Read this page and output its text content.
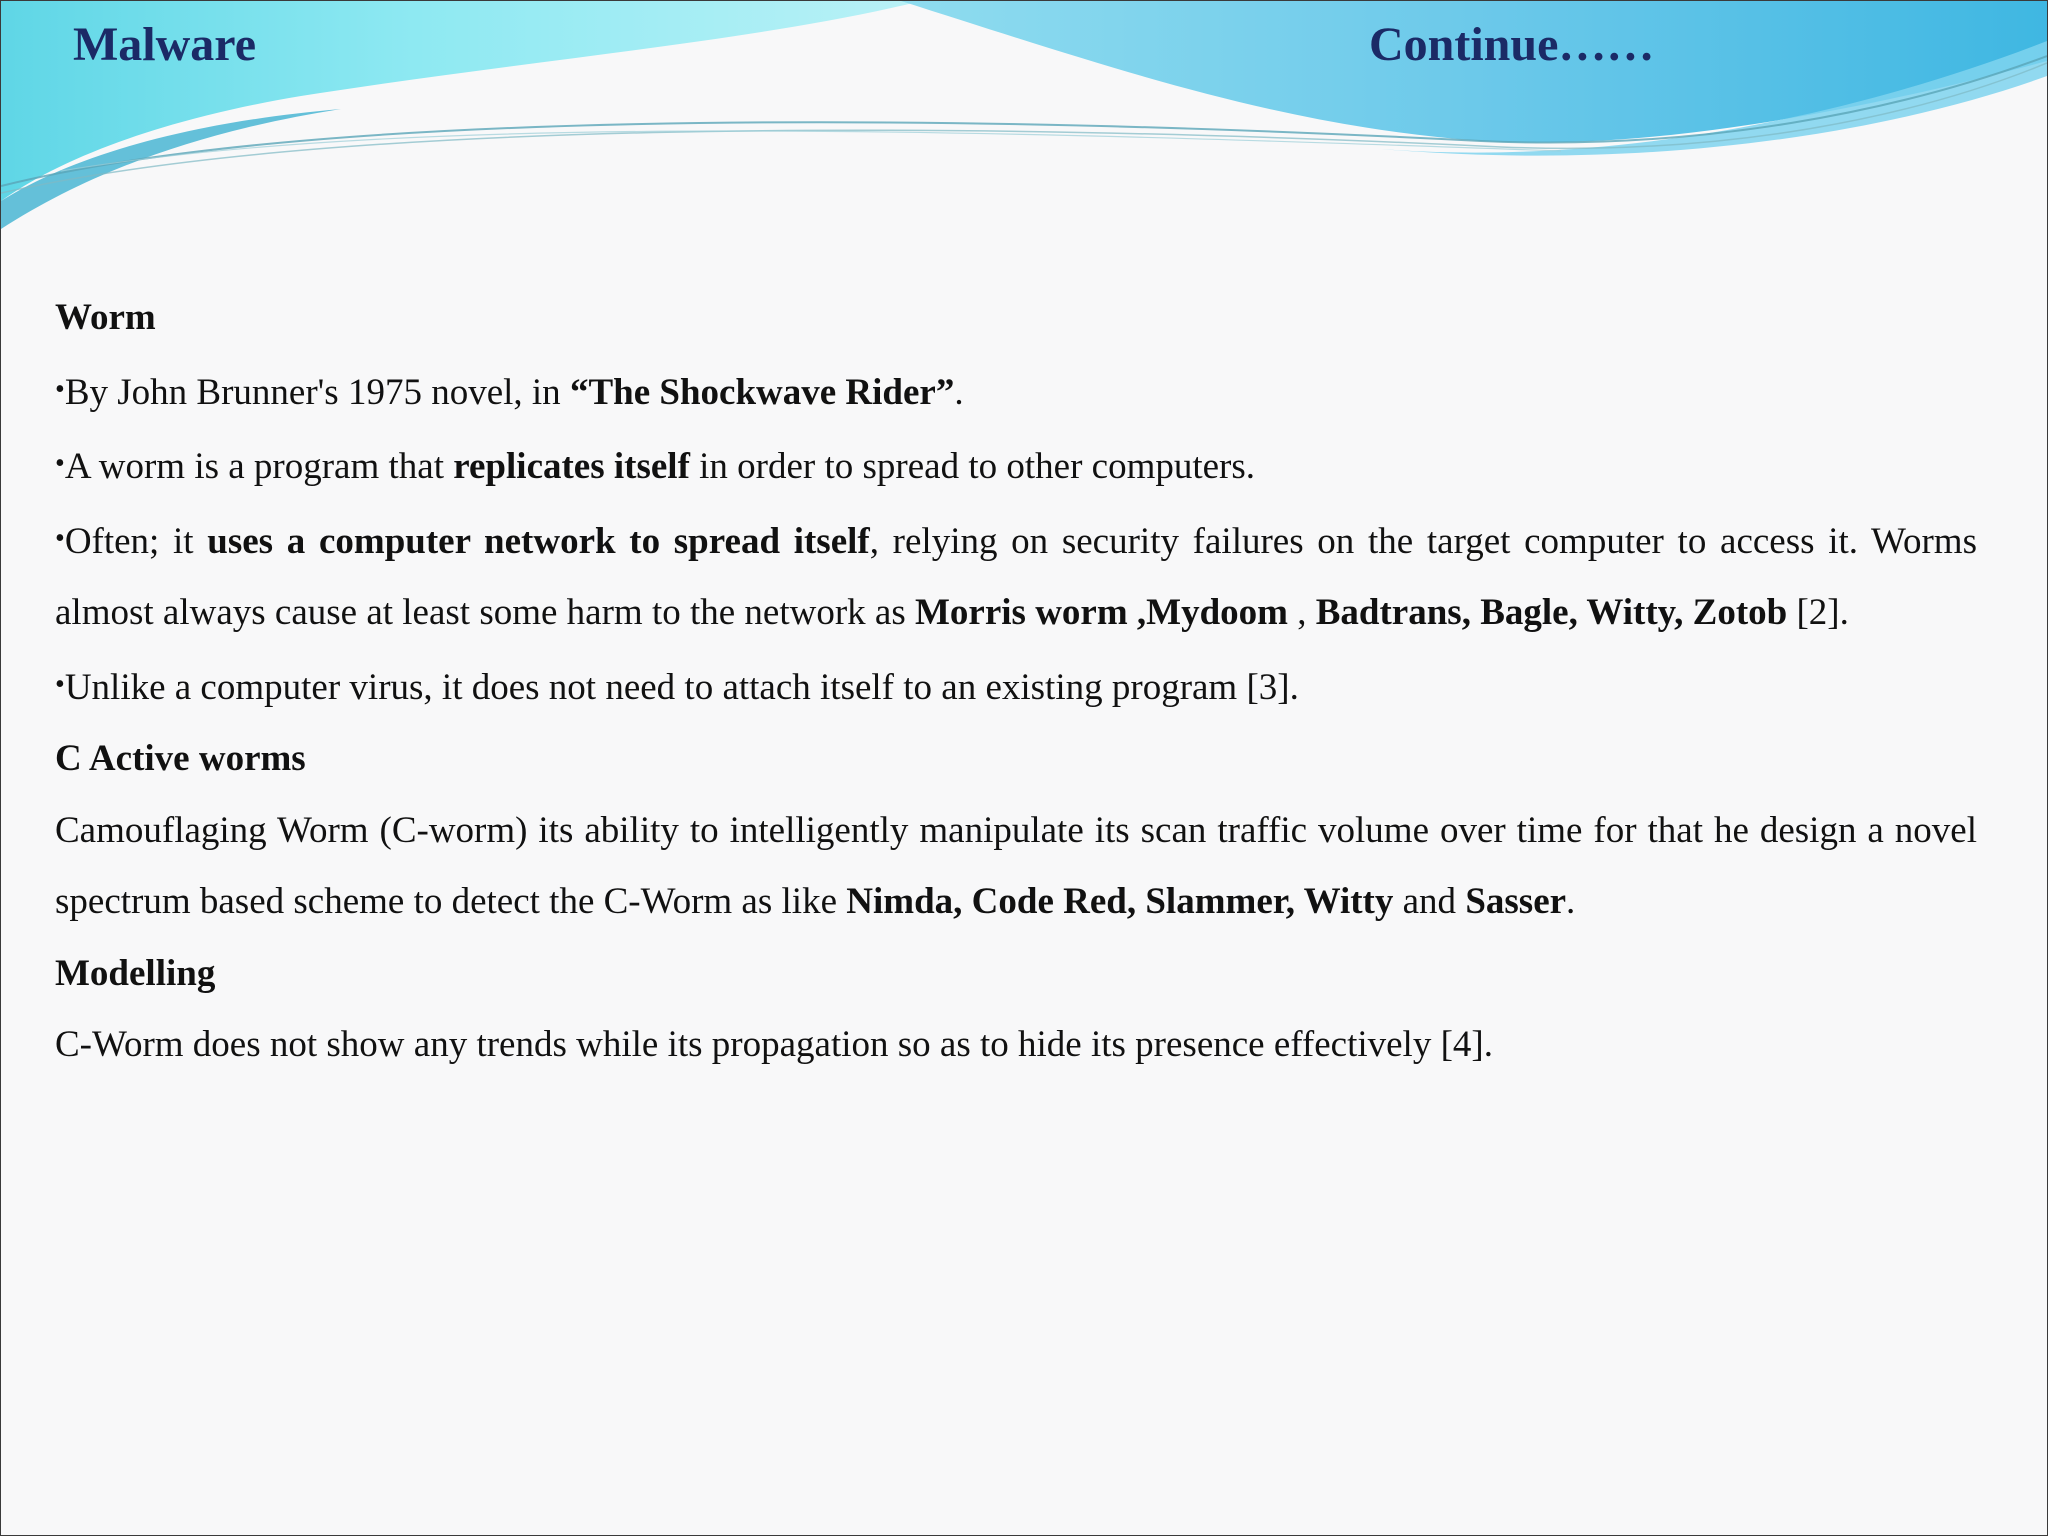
Malware	Continue……

Worm

•By John Brunner's 1975 novel, in “The Shockwave Rider”.

•A worm is a program that replicates itself in order to spread to other computers.

•Often; it uses a computer network to spread itself, relying on security failures on the target computer to access it. Worms almost always cause at least some harm to the network as Morris worm ,Mydoom , Badtrans, Bagle, Witty, Zotob [2].

•Unlike a computer virus, it does not need to attach itself to an existing program [3].

C Active worms

Camouflaging Worm (C-worm) its ability to intelligently manipulate its scan traffic volume over time for that he design a novel spectrum based scheme to detect the C-Worm as like Nimda, Code Red, Slammer, Witty and Sasser.

Modelling

C-Worm does not show any trends while its propagation so as to hide its presence effectively [4].
